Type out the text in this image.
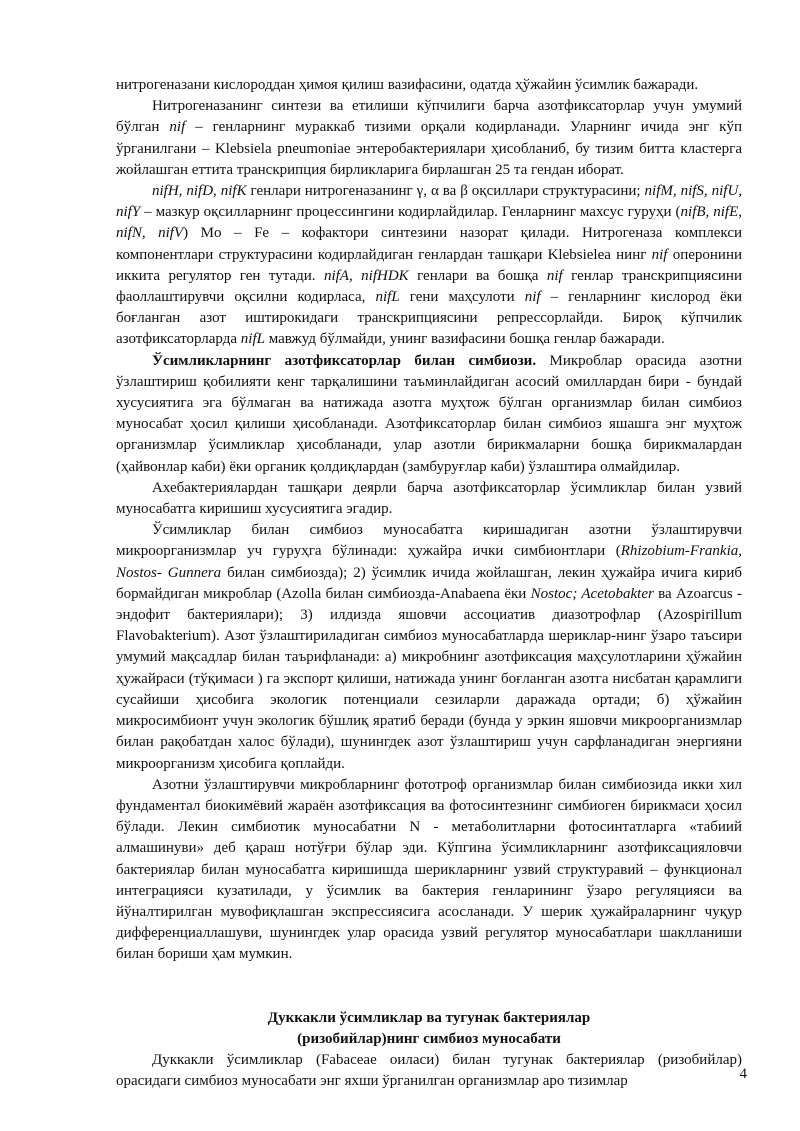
нитрогеназани кислороддан ҳимоя қилиш вазифасини, одатда ҳўжайин ўсимлик бажаради.

Нитрогеназанинг синтези ва етилиши кўпчилиги барча азотфиксаторлар учун умумий бўлган nif – генларнинг мураккаб тизими орқали кодирланади. Уларнинг ичида энг кўп ўрганилгани – Klebsiela pneumoniae энтеробактериялари ҳисобланиб, бу тизим битта кластерга жойлашган еттита транскрипция бирликларига бирлашган 25 та гендан иборат.

nifH, nifD, nifK генлари нитрогеназанинг γ, α ва β оқсиллари структурасини; nifM, nifS, nifU, nifY – мазкур оқсилларнинг процессингини кодирлайдилар. Генларнинг махсус гуруҳи (nifB, nifE, nifN, nifV) Mo – Fe – кофактори синтезини назорат қилади. Нитрогеназа комплекси компонентлари структурасини кодирлайдиган генлардан ташқари Klebsielea нинг nif оперонини иккита регулятор ген тутади. nifA, nifHDK генлари ва бошқа nif генлар транскрипциясини фаоллаштирувчи оқсилни кодирласа, nifL гени маҳсулоти nif – генларнинг кислород ёки боғланган азот иштирокидаги транскрипциясини репрессорлайди. Бироқ кўпчилик азотфиксаторларда nifL мавжуд бўлмайди, унинг вазифасини бошқа генлар бажаради.

Ўсимликларнинг азотфиксаторлар билан симбиози. Микроблар орасида азотни ўзлаштириш қобилияти кенг тарқалишини таъминлайдиган асосий омиллардан бири - бундай хусусиятига эга бўлмаган ва натижада азотга муҳтож бўлган организмлар билан симбиоз муносабат ҳосил қилиши ҳисобланади. Азотфиксаторлар билан симбиоз яшашга энг муҳтож организмлар ўсимликлар ҳисобланади, улар азотли бирикмаларни бошқа бирикмалардан (ҳайвонлар каби) ёки органик қолдиқлардан (замбуруғлар каби) ўзлаштира олмайдилар.

Ахебактериялардан ташқари деярли барча азотфиксаторлар ўсимликлар билан узвий муносабатга киришиш хусусиятига эгадир.

Ўсимликлар билан симбиоз муносабатга киришадиган азотни ўзлаштирувчи микроорганизмлар уч гуруҳга бўлинади: ҳужайра ички симбионтлари (Rhizobium-Frankia, Nostos- Gunnera билан симбиозда); 2) ўсимлик ичида жойлашган, лекин ҳужайра ичига кириб бормайдиган микроблар (Azolla билан симбиозда-Anabaena ёки Nostoc; Acetobakter ва Azoarcus - эндофит бактериялари); 3) илдизда яшовчи ассоциатив диазотрофлар (Azospirillum Flavobakterium). Азот ўзлаштириладиган симбиоз муносабатларда шериклар-нинг ўзаро таъсири умумий мақсадлар билан таърифланади: а) микробнинг азотфиксация маҳсулотларини ҳўжайин ҳужайраси (тўқимаси ) га экспорт қилиши, натижада унинг боғланган азотга нисбатан қарамлиги сусайиши ҳисобига экологик потенциали сезиларли даражада ортади; б) ҳўжайин микросимбионт учун экологик бўшлиқ яратиб беради (бунда у эркин яшовчи микроорганизмлар билан рақобатдан халос бўлади), шунингдек азот ўзлаштириш учун сарфланадиган энергияни микроорганизм ҳисобига қоплайди.

Азотни ўзлаштирувчи микробларнинг фототроф организмлар билан симбиозида икки хил фундаментал биокимёвий жараён азотфиксация ва фотосинтезнинг симбиоген бирикмаси ҳосил бўлади. Лекин симбиотик муносабатни N - метаболитларни фотосинтатларга «табиий алмашинуви» деб қараш нотўғри бўлар эди. Кўпгина ўсимликларнинг азотфиксацияловчи бактериялар билан муносабатга киришишда шерикларнинг узвий структуравий – функционал интеграцияси кузатилади, у ўсимлик ва бактерия генларининг ўзаро регуляцияси ва йўналтирилган мувофиқлашган экспрессиясига асосланади. У шерик ҳужайраларнинг чуқур дифференциаллашуви, шунингдек улар орасида узвий регулятор муносабатлари шаклланиши билан бориши ҳам мумкин.

Дуккакли ўсимликлар ва тугунак бактериялар

(ризобийлар)нинг симбиоз муносабати

Дуккакли ўсимликлар (Fabaceae оиласи) билан тугунак бактериялар (ризобийлар) орасидаги симбиоз муносабати энг яхши ўрганилган организмлар аро тизимлар	4
